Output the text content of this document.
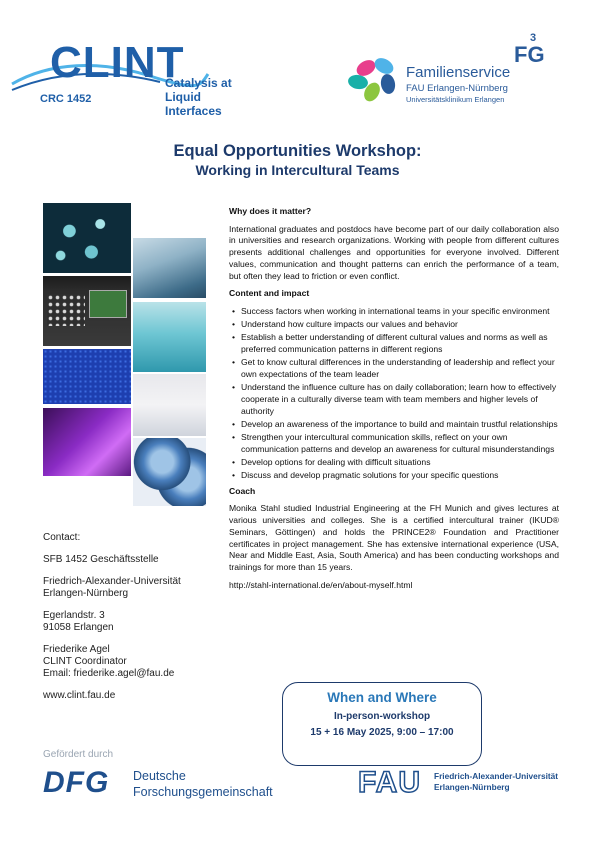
CLINT
CRC 1452
Catalysis at
Liquid Interfaces
Familienservice
FAU Erlangen-Nürnberg
Universitätsklinikum Erlangen
FG
3
Equal Opportunities Workshop:
Working in Intercultural Teams
Why does it matter?
International graduates and postdocs have become part of our daily collaboration also in universities and research organizations. Working with people from different cultures presents additional challenges and opportunities for everyone involved. Different values, communication and thought patterns can enrich the performance of a team, but often they lead to friction or even conflict.
Content and impact
• Success factors when working in international teams in your specific environment
• Understand how culture impacts our values and behavior
• Establish a better understanding of different cultural values and norms as well as preferred communication patterns in different regions
• Get to know cultural differences in the understanding of leadership and reflect your own expectations of the team leader
• Understand the influence culture has on daily collaboration; learn how to effectively cooperate in a culturally diverse team with team members and higher levels of authority
• Develop an awareness of the importance to build and maintain trustful relationships
• Strengthen your intercultural communication skills, reflect on your own communication patterns and develop an awareness for cultural misunderstandings
• Develop options for dealing with difficult situations
• Discuss and develop pragmatic solutions for your specific questions
Coach
Monika Stahl studied Industrial Engineering at the FH Munich and gives lectures at various universities and colleges. She is a certified intercultural trainer (IKUD® Seminars, Göttingen) and holds the PRINCE2® Foundation and Practitioner certificates in project management. She has extensive international experience (USA, Near and Middle East, Asia, South America) and has been conducting workshops and trainings for more than 15 years.
http://stahl-international.de/en/about-myself.html
Contact:
SFB 1452 Geschäftsstelle
Friedrich-Alexander-Universität
Erlangen-Nürnberg
Egerlandstr. 3
91058 Erlangen
Friederike Agel
CLINT Coordinator
Email: friederike.agel@fau.de
www.clint.fau.de	When and Where
In-person-workshop
15 + 16 May 2025, 9:00 – 17:00
Gefördert durch
DFG Deutsche
Forschungsgemeinschaft	FAU Friedrich-Alexander-Universität
Erlangen-Nürnberg
